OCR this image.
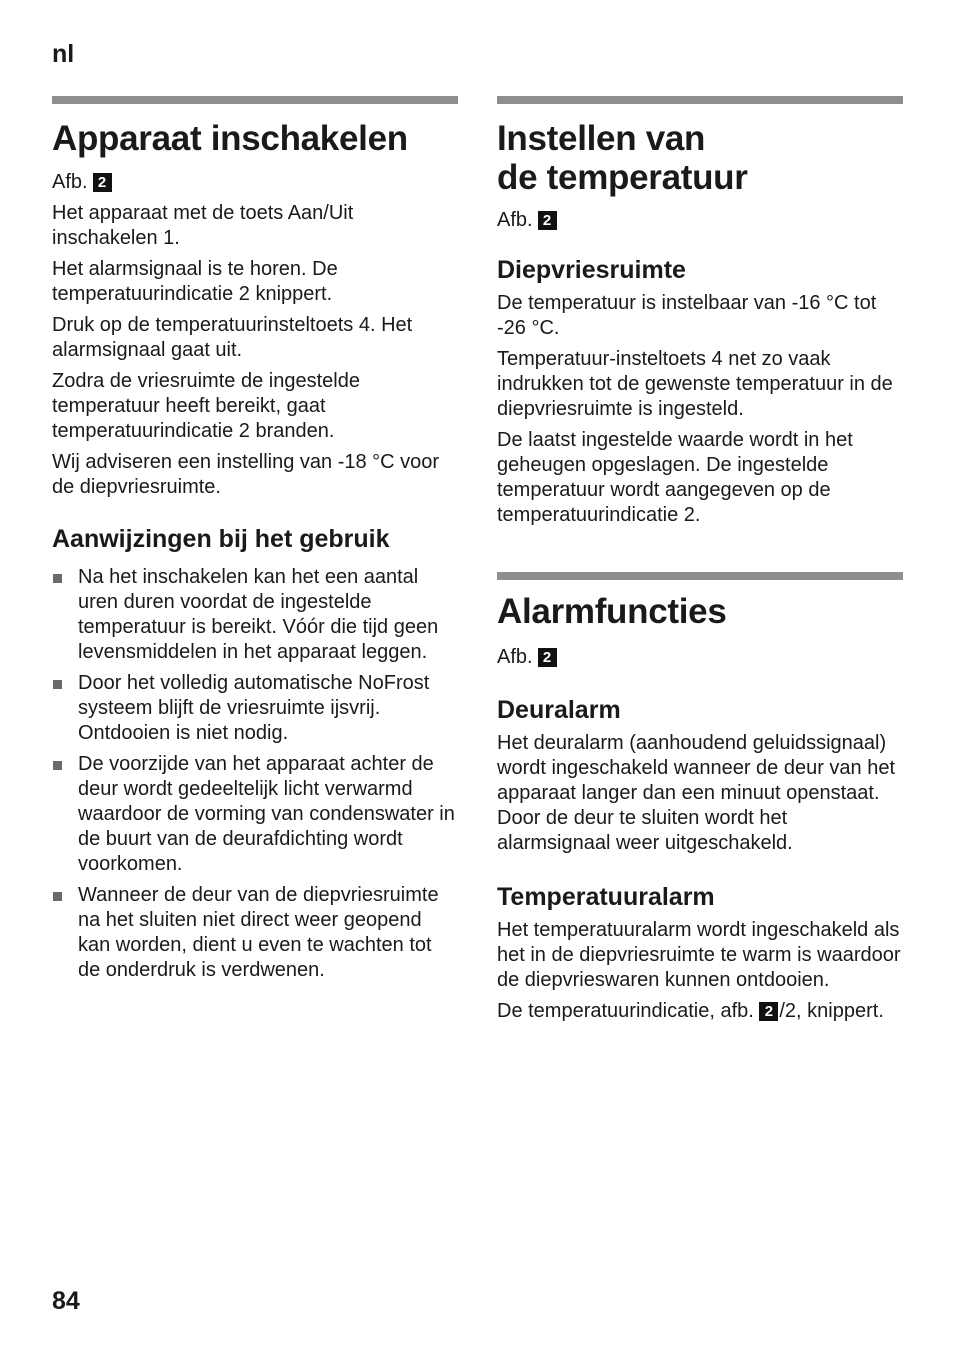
nl
Apparaat inschakelen
Afb. 2

Het apparaat met de toets Aan/Uit inschakelen 1.

Het alarmsignaal is te horen. De temperatuurindicatie 2 knippert.

Druk op de temperatuurinsteltoets 4. Het alarmsignaal gaat uit.

Zodra de vriesruimte de ingestelde temperatuur heeft bereikt, gaat temperatuurindicatie 2 branden.

Wij adviseren een instelling van -18 °C voor de diepvriesruimte.

Aanwijzingen bij het gebruik
Na het inschakelen kan het een aantal uren duren voordat de ingestelde temperatuur is bereikt. Vóór die tijd geen levensmiddelen in het apparaat leggen.
Door het volledig automatische NoFrost systeem blijft de vriesruimte ijsvrij. Ontdooien is niet nodig.
De voorzijde van het apparaat achter de deur wordt gedeeltelijk licht verwarmd waardoor de vorming van condenswater in de buurt van de deurafdichting wordt voorkomen.
Wanneer de deur van de diepvriesruimte na het sluiten niet direct weer geopend kan worden, dient u even te wachten tot de onderdruk is verdwenen.
Instellen van
de temperatuur
Afb. 2
Diepvriesruimte

De temperatuur is instelbaar van -16 °C tot -26 °C.

Temperatuur-insteltoets 4 net zo vaak indrukken tot de gewenste temperatuur in de diepvriesruimte is ingesteld.

De laatst ingestelde waarde wordt in het geheugen opgeslagen. De ingestelde temperatuur wordt aangegeven op de temperatuurindicatie 2.

Alarmfuncties
Afb. 2
Deuralarm

Het deuralarm (aanhoudend geluidssignaal) wordt ingeschakeld wanneer de deur van het apparaat langer dan een minuut openstaat. Door de deur te sluiten wordt het alarmsignaal weer uitgeschakeld.

Temperatuuralarm

Het temperatuuralarm wordt ingeschakeld als het in de diepvriesruimte te warm is waardoor de diepvrieswaren kunnen ontdooien.

De temperatuurindicatie, afb. 2 /2, knippert.

84
